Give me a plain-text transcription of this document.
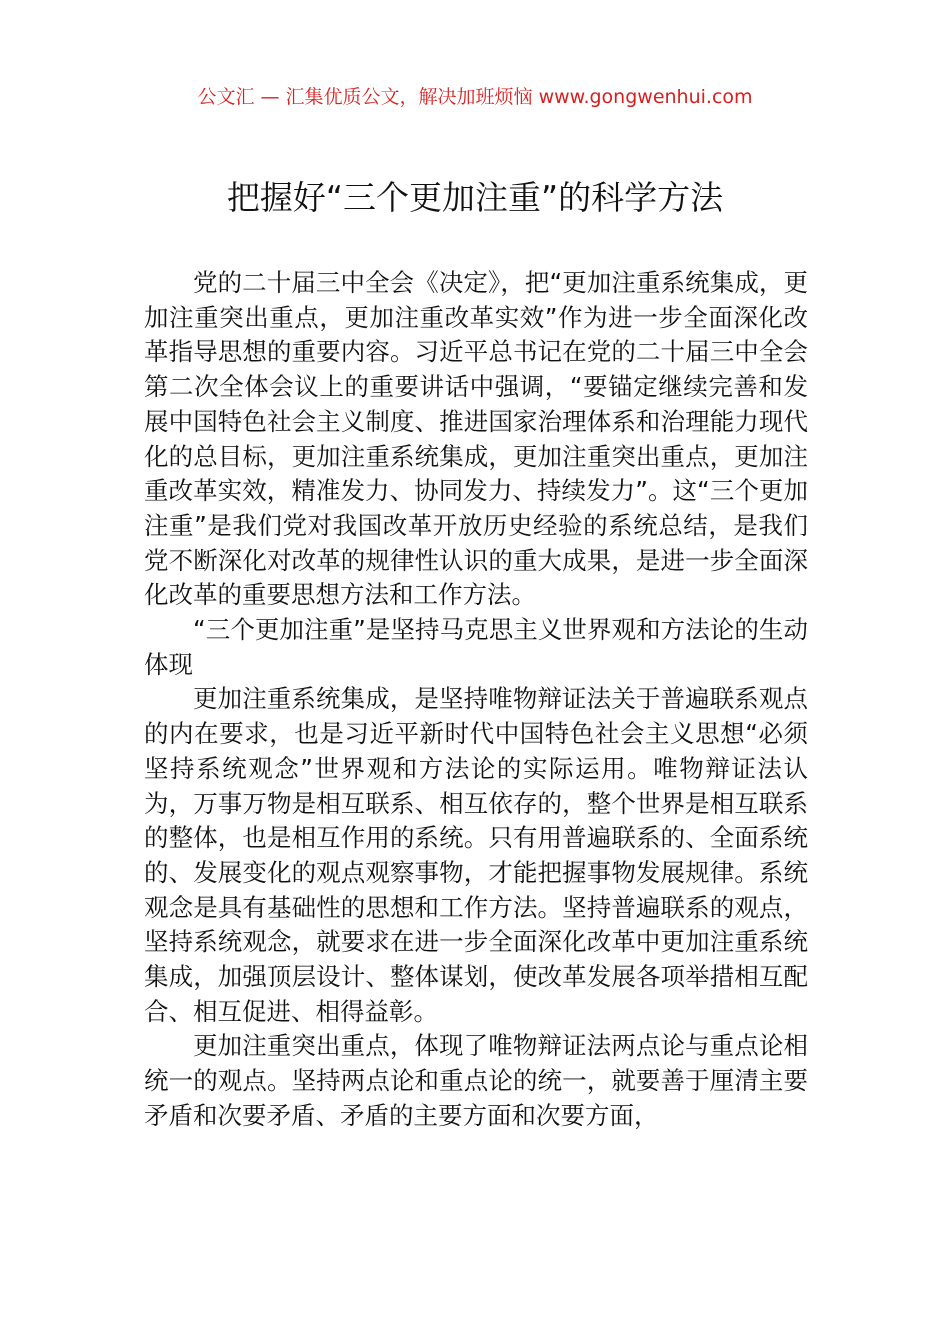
公文汇 — 汇集优质公文，解决加班烦恼 www.gongwenhui.com
把握好“三个更加注重”的科学方法

党的二十届三中全会《决定》，把“更加注重系统集成，更加注重突出重点，更加注重改革实效”作为进一步全面深化改革指导思想的重要内容。习近平总书记在党的二十届三中全会第二次全体会议上的重要讲话中强调，“要锚定继续完善和发展中国特色社会主义制度、推进国家治理体系和治理能力现代化的总目标，更加注重系统集成，更加注重突出重点，更加注重改革实效，精准发力、协同发力、持续发力”。这“三个更加注重”是我们党对我国改革开放历史经验的系统总结，是我们党不断深化对改革的规律性认识的重大成果，是进一步全面深化改革的重要思想方法和工作方法。

“三个更加注重”是坚持马克思主义世界观和方法论的生动体现

更加注重系统集成，是坚持唯物辩证法关于普遍联系观点的内在要求，也是习近平新时代中国特色社会主义思想“必须坚持系统观念”世界观和方法论的实际运用。唯物辩证法认为，万事万物是相互联系、相互依存的，整个世界是相互联系的整体，也是相互作用的系统。只有用普遍联系的、全面系统的、发展变化的观点观察事物，才能把握事物发展规律。系统观念是具有基础性的思想和工作方法。坚持普遍联系的观点，坚持系统观念，就要求在进一步全面深化改革中更加注重系统集成，加强顶层设计、整体谋划，使改革发展各项举措相互配合、相互促进、相得益彰。

更加注重突出重点，体现了唯物辩证法两点论与重点论相统一的观点。坚持两点论和重点论的统一，就要善于厘清主要矛盾和次要矛盾、矛盾的主要方面和次要方面，
